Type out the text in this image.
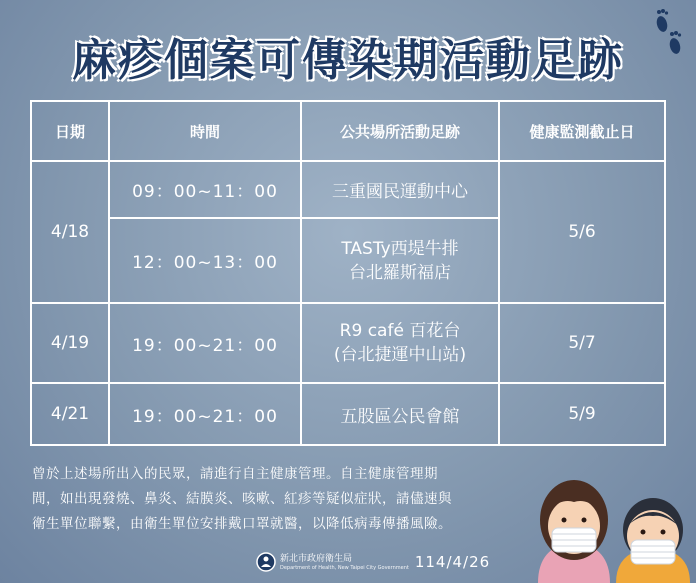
麻疹個案可傳染期活動足跡
日期	時間	公共場所活動足跡	健康監測截止日
4/18	09：00~11：00	三重國民運動中心	5/6
	12：00~13：00	TASTy西堤牛排
台北羅斯福店	

4/19	19：00~21：00	R9 café 百花台
(台北捷運中山站)	5/7
4/21	19：00~21：00	五股區公民會館	5/9
曾於上述場所出入的民眾，請進行自主健康管理。自主健康管理期
間，如出現發燒、鼻炎、結膜炎、咳嗽、紅疹等疑似症狀，請儘速與
衛生單位聯繫，由衛生單位安排戴口罩就醫，以降低病毒傳播風險。
新北市政府衛生局
Department of Health, New Taipei City Government 114/4/26
